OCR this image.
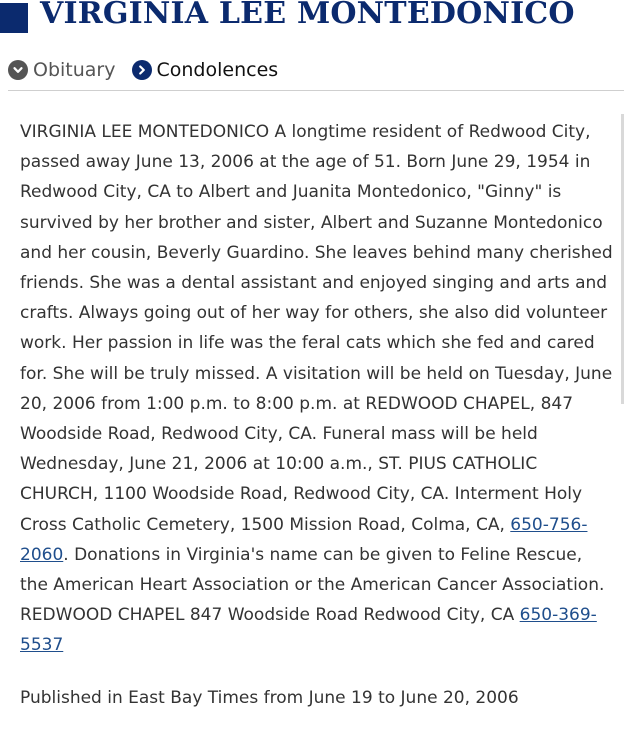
VIRGINIA LEE MONTEDONICO
Obituary Condolences

VIRGINIA LEE MONTEDONICO A longtime resident of Redwood City, passed away June 13, 2006 at the age of 51. Born June 29, 1954 in Redwood City, CA to Albert and Juanita Montedonico, "Ginny" is survived by her brother and sister, Albert and Suzanne Montedonico and her cousin, Beverly Guardino. She leaves behind many cherished friends. She was a dental assistant and enjoyed singing and arts and crafts. Always going out of her way for others, she also did volunteer work. Her passion in life was the feral cats which she fed and cared for. She will be truly missed. A visitation will be held on Tuesday, June 20, 2006 from 1:00 p.m. to 8:00 p.m. at REDWOOD CHAPEL, 847 Woodside Road, Redwood City, CA. Funeral mass will be held Wednesday, June 21, 2006 at 10:00 a.m., ST. PIUS CATHOLIC CHURCH, 1100 Woodside Road, Redwood City, CA. Interment Holy Cross Catholic Cemetery, 1500 Mission Road, Colma, CA, 650-756-2060. Donations in Virginia's name can be given to Feline Rescue, the American Heart Association or the American Cancer Association. REDWOOD CHAPEL 847 Woodside Road Redwood City, CA 650-369-5537

Published in East Bay Times from June 19 to June 20, 2006
